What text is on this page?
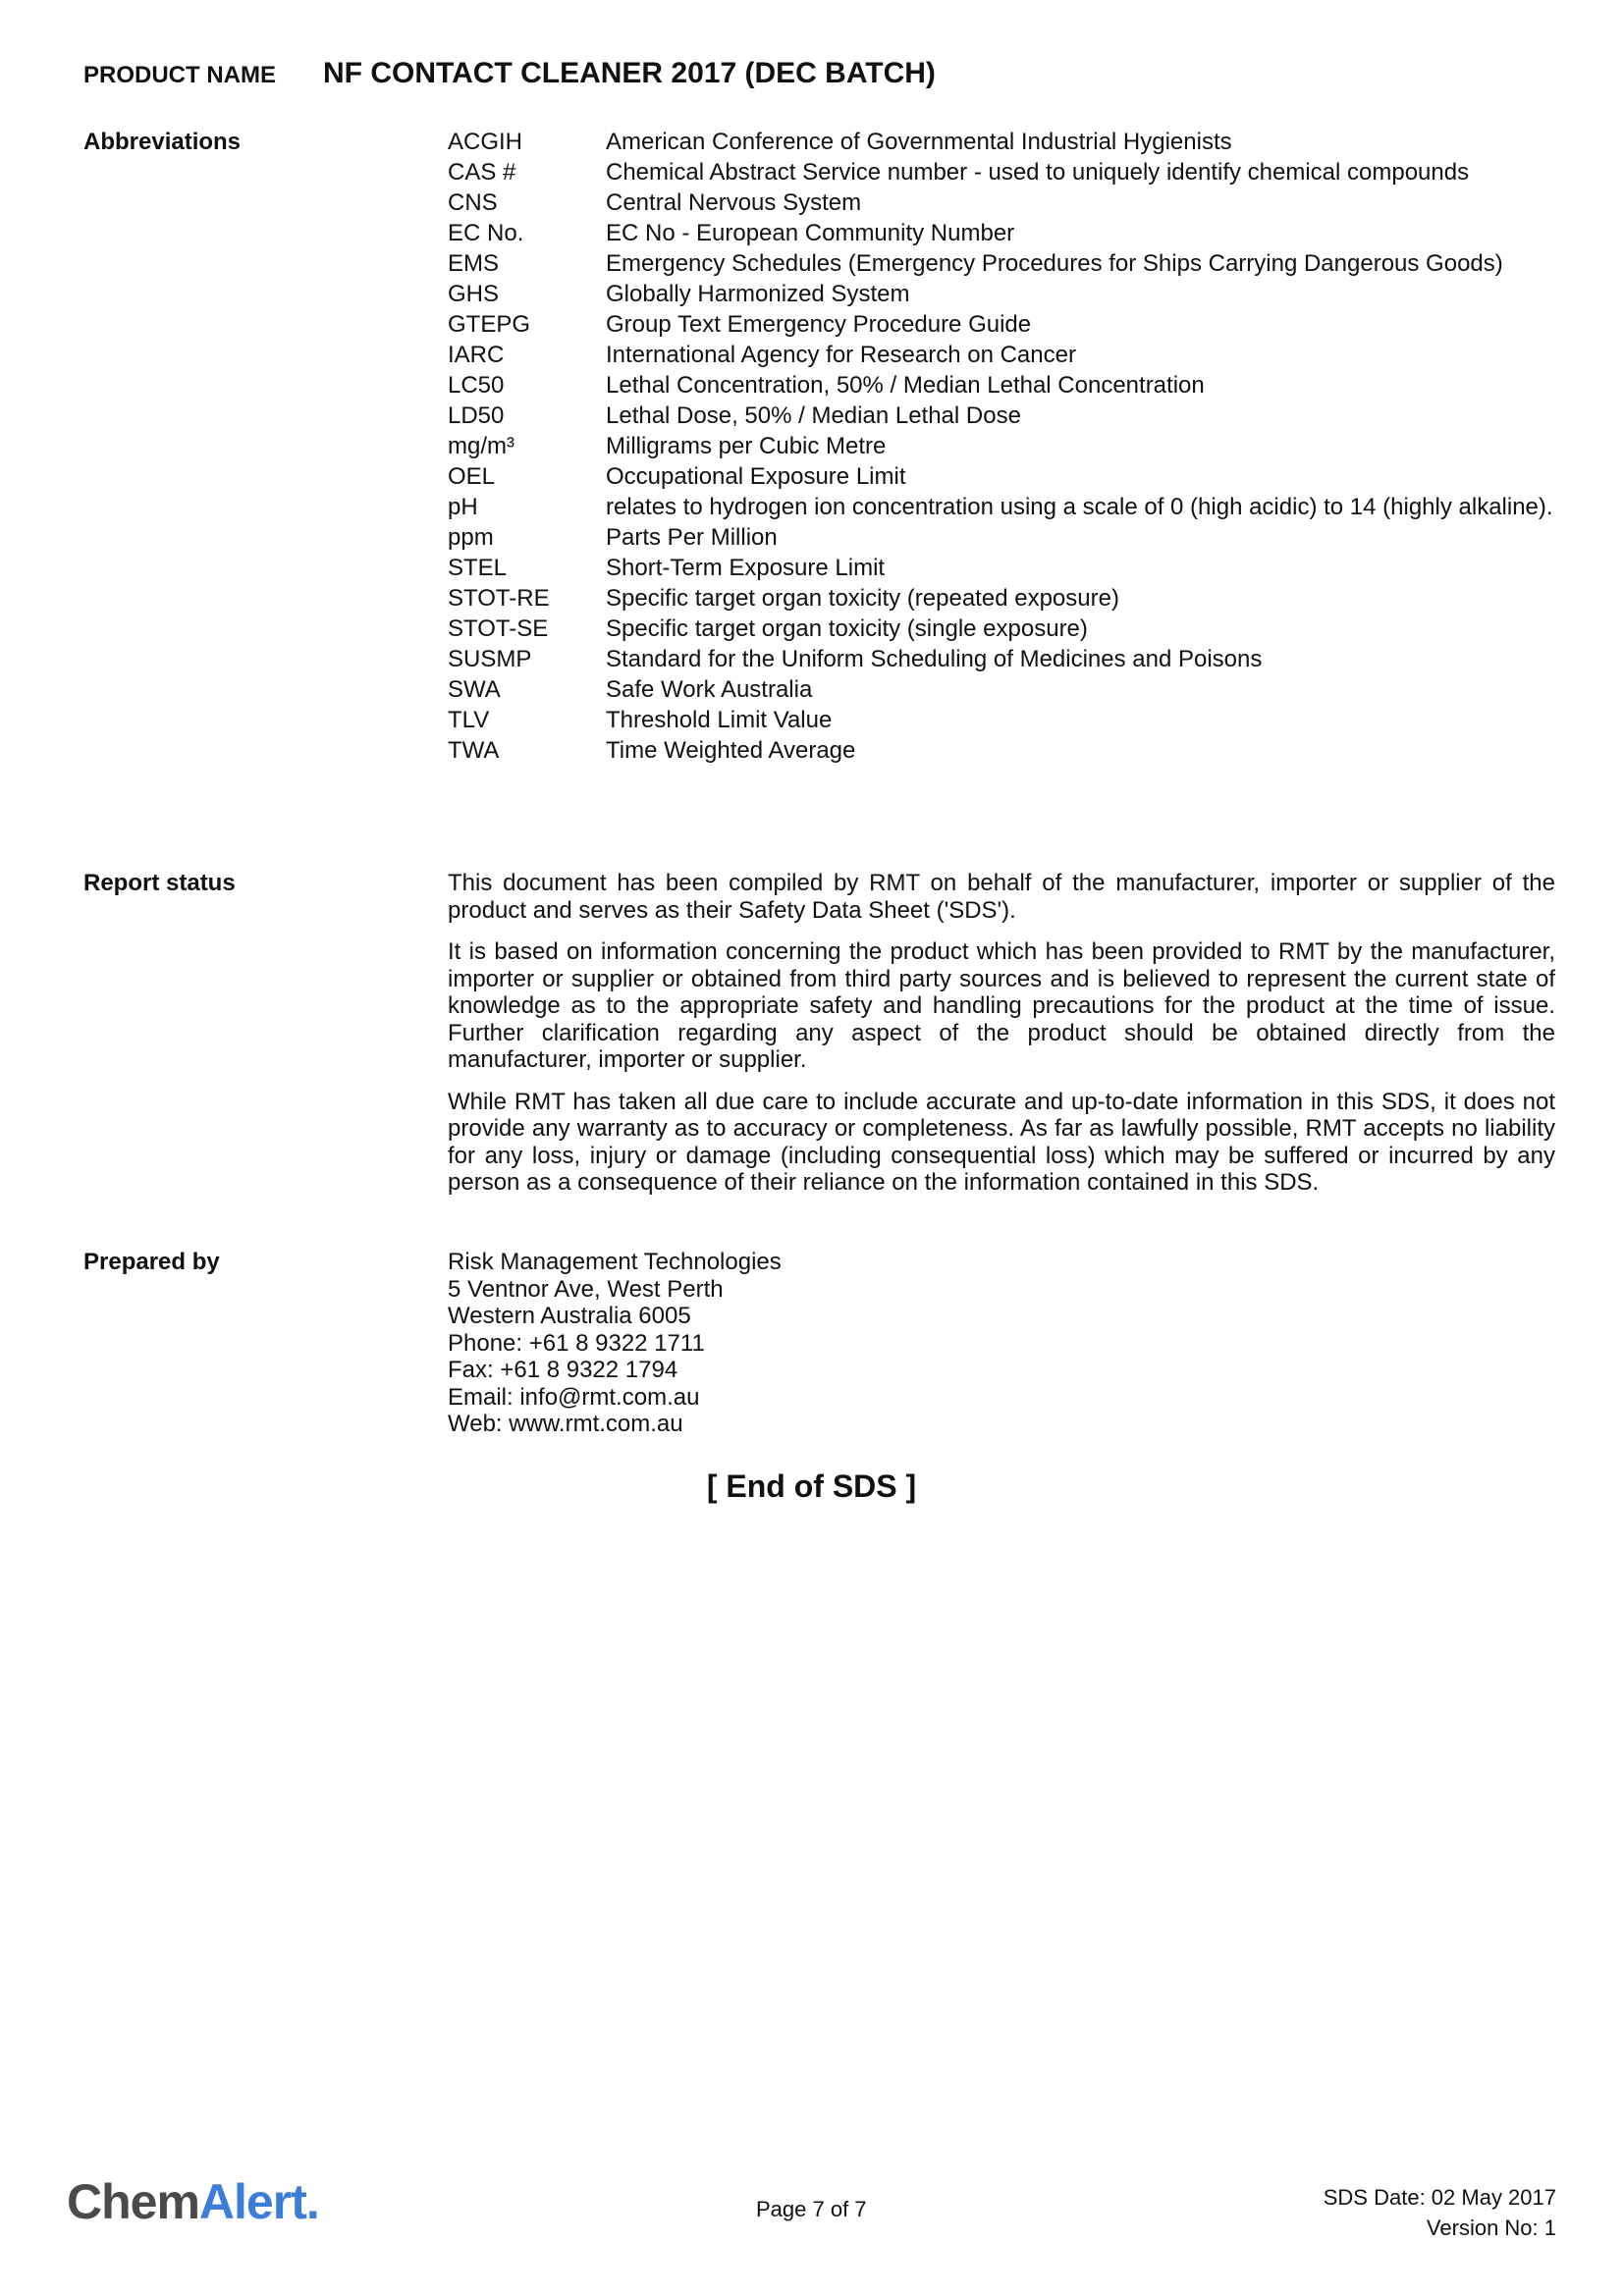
PRODUCT NAME	NF CONTACT CLEANER 2017 (DEC BATCH)
Abbreviations	ACGIH	American Conference of Governmental Industrial Hygienists
CAS #	Chemical Abstract Service number - used to uniquely identify chemical compounds
CNS	Central Nervous System
EC No.	EC No - European Community Number
EMS	Emergency Schedules (Emergency Procedures for Ships Carrying Dangerous Goods)
GHS	Globally Harmonized System
GTEPG	Group Text Emergency Procedure Guide
IARC	International Agency for Research on Cancer
LC50	Lethal Concentration, 50% / Median Lethal Concentration
LD50	Lethal Dose, 50% / Median Lethal Dose
mg/m³	Milligrams per Cubic Metre
OEL	Occupational Exposure Limit
pH	relates to hydrogen ion concentration using a scale of 0 (high acidic) to 14 (highly alkaline).
ppm	Parts Per Million
STEL	Short-Term Exposure Limit
STOT-RE	Specific target organ toxicity (repeated exposure)
STOT-SE	Specific target organ toxicity (single exposure)
SUSMP	Standard for the Uniform Scheduling of Medicines and Poisons
SWA	Safe Work Australia
TLV	Threshold Limit Value
TWA	Time Weighted Average
Report status	This document has been compiled by RMT on behalf of the manufacturer, importer or supplier of the product and serves as their Safety Data Sheet ('SDS').

It is based on information concerning the product which has been provided to RMT by the manufacturer, importer or supplier or obtained from third party sources and is believed to represent the current state of knowledge as to the appropriate safety and handling precautions for the product at the time of issue. Further clarification regarding any aspect of the product should be obtained directly from the manufacturer, importer or supplier.

While RMT has taken all due care to include accurate and up-to-date information in this SDS, it does not provide any warranty as to accuracy or completeness. As far as lawfully possible, RMT accepts no liability for any loss, injury or damage (including consequential loss) which may be suffered or incurred by any person as a consequence of their reliance on the information contained in this SDS.

Prepared by	Risk Management Technologies
5 Ventnor Ave, West Perth
Western Australia 6005
Phone: +61 8 9322 1711
Fax: +61 8 9322 1794
Email: info@rmt.com.au
Web: www.rmt.com.au
[ End of SDS ]
Chem Alert .	Page 7 of 7	SDS Date: 02 May 2017
Version No: 1
